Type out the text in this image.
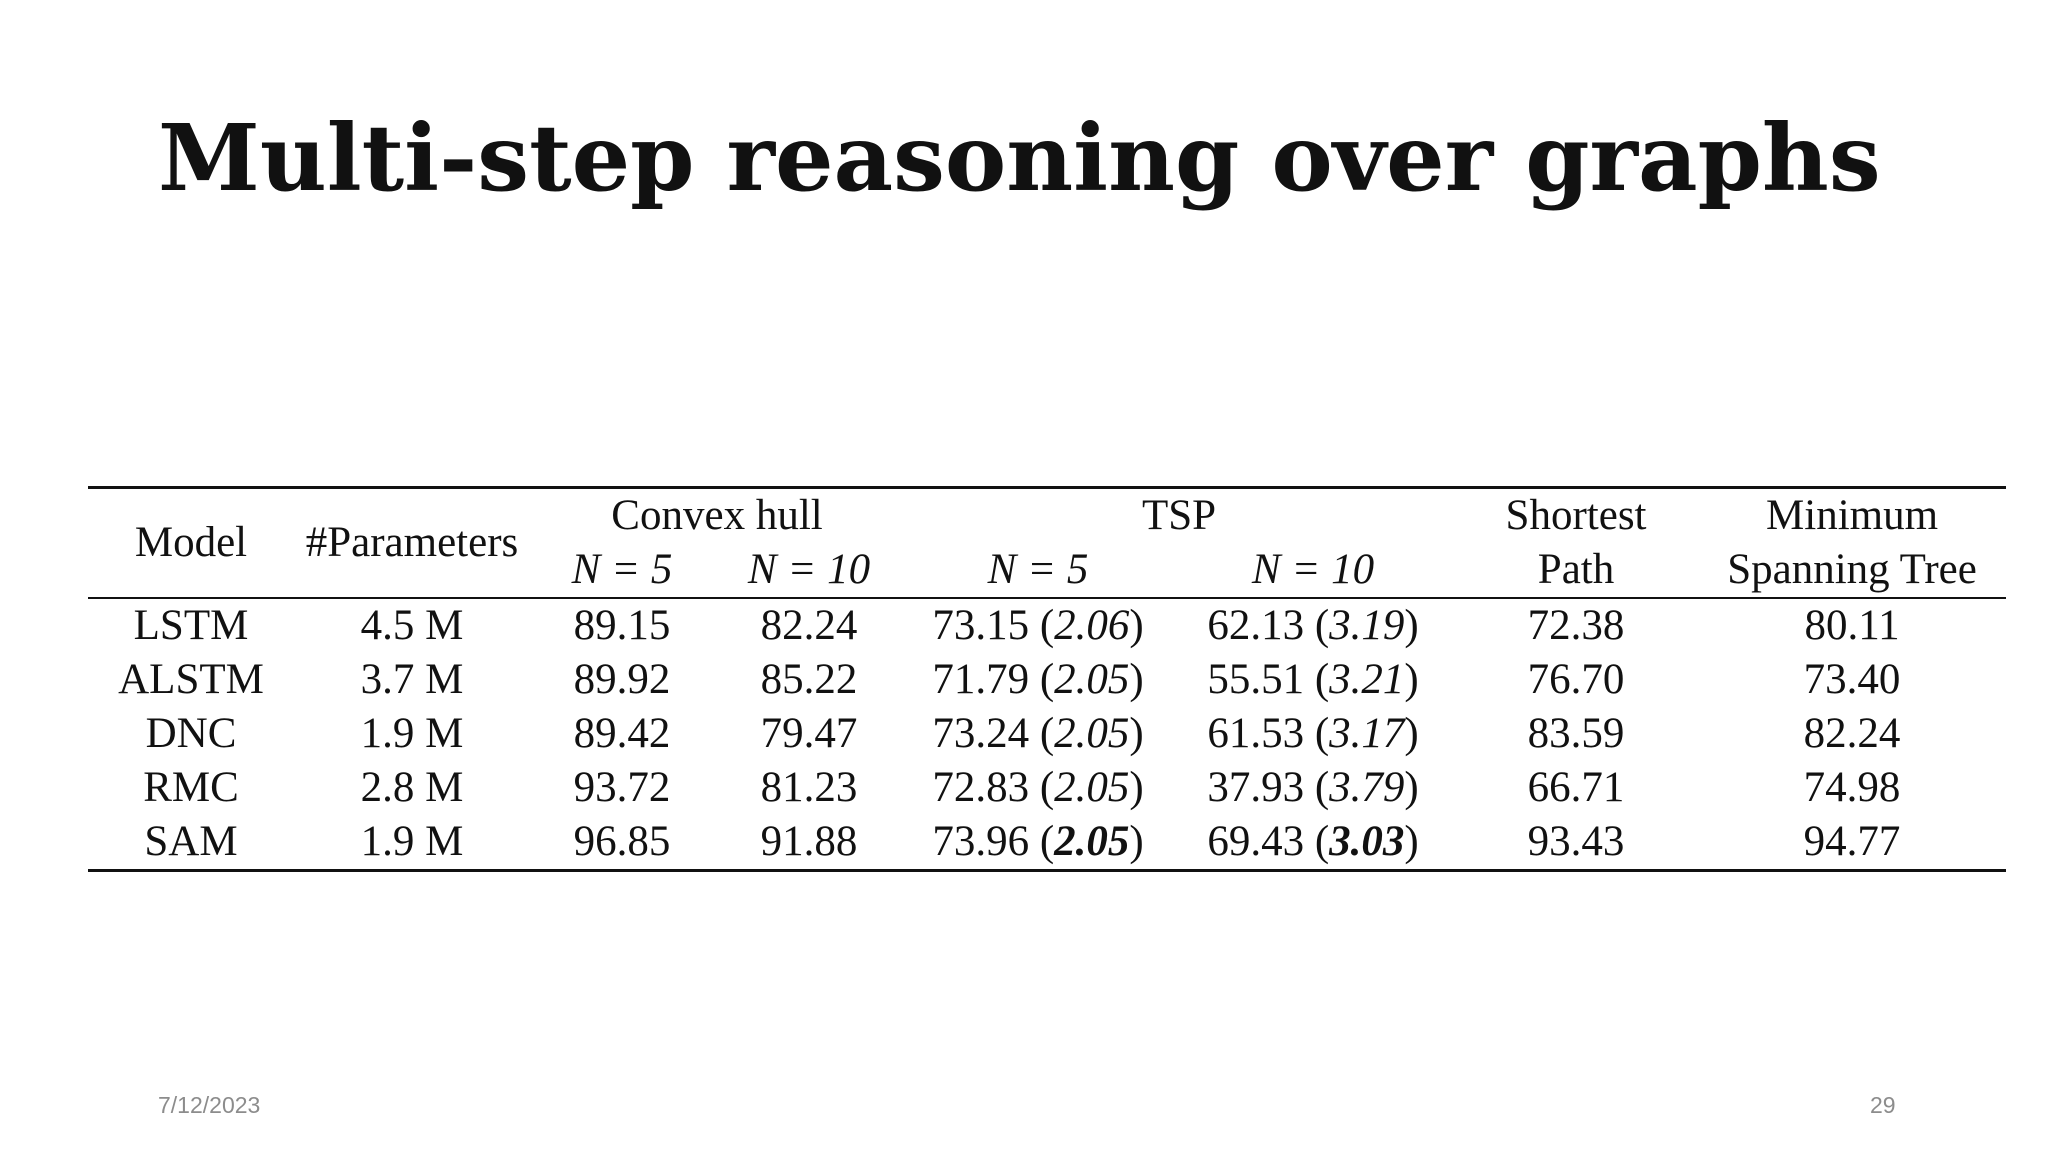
Multi-step reasoning over graphs
Model	#Parameters	Convex hull		TSP		Shortest	Minimum
		N = 5	N = 10	N = 5	N = 10	Path	Spanning Tree
LSTM	4.5 M	89.15	82.24	73.15 (2.06)	62.13 (3.19)	72.38	80.11
ALSTM	3.7 M	89.92	85.22	71.79 (2.05)	55.51 (3.21)	76.70	73.40
DNC	1.9 M	89.42	79.47	73.24 (2.05)	61.53 (3.17)	83.59	82.24
RMC	2.8 M	93.72	81.23	72.83 (2.05)	37.93 (3.79)	66.71	74.98
SAM	1.9 M	96.85	91.88	73.96 (2.05)	69.43 (3.03)	93.43	94.77
7/12/2023	29
